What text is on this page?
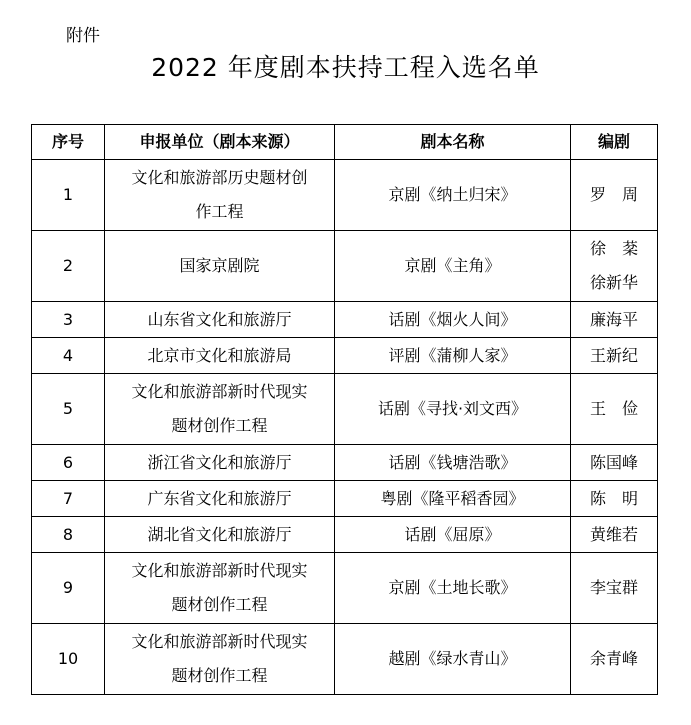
附件
2022 年度剧本扶持工程入选名单
序号	申报单位（剧本来源）	剧本名称	编剧
1	文化和旅游部历史题材创
作工程	京剧《纳土归宋》	罗　周

2	国家京剧院	京剧《主角》	徐　棻
徐新华

3	山东省文化和旅游厅	话剧《烟火人间》	廉海平

4	北京市文化和旅游局	评剧《蒲柳人家》	王新纪

5	文化和旅游部新时代现实
题材创作工程	话剧《寻找·刘文西》	王　俭

6	浙江省文化和旅游厅	话剧《钱塘浩歌》	陈国峰

7	广东省文化和旅游厅	粤剧《隆平稻香园》	陈　明

8	湖北省文化和旅游厅	话剧《屈原》	黄维若

9	文化和旅游部新时代现实
题材创作工程	京剧《土地长歌》	李宝群

10	文化和旅游部新时代现实
题材创作工程	越剧《绿水青山》	余青峰
